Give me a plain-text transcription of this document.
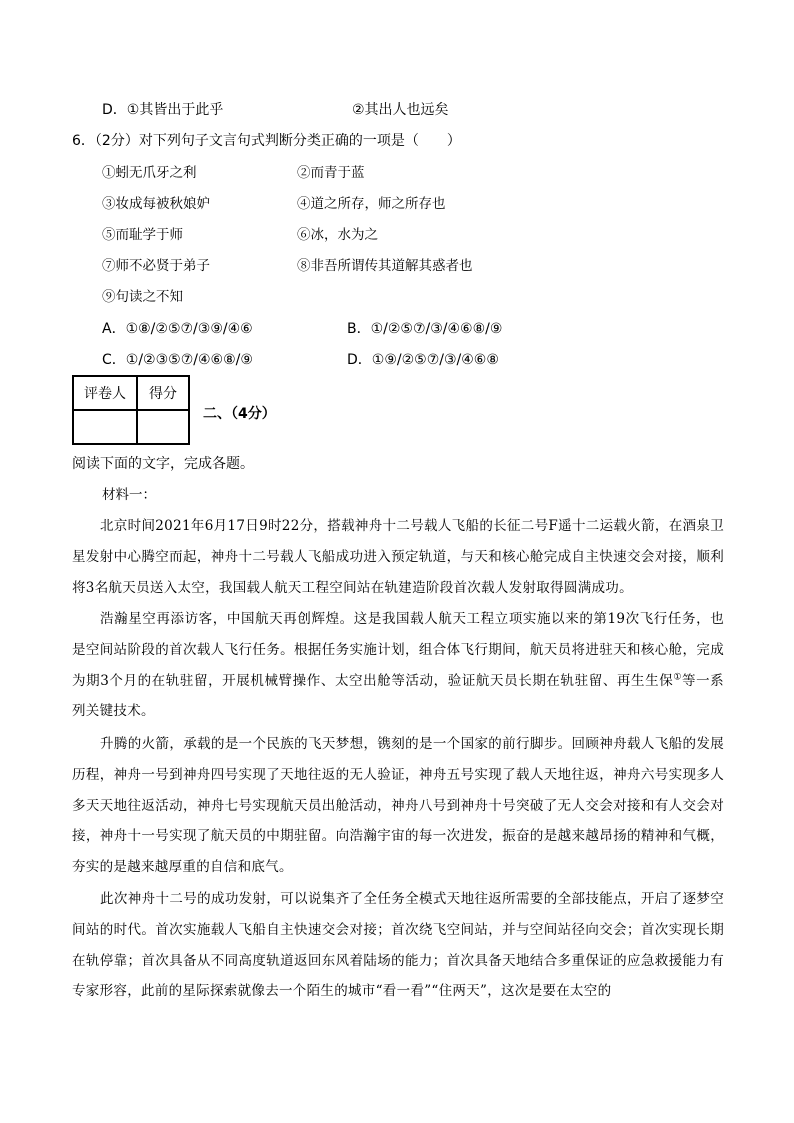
D．①其皆出于此乎	②其出人也远矣
6．（2分）对下列句子文言句式判断分类正确的一项是（　　）
①蚓无爪牙之利	②而青于蓝
③妆成每被秋娘妒	④道之所存，师之所存也
⑤而耻学于师	⑥冰，水为之
⑦师不必贤于弟子	⑧非吾所谓传其道解其惑者也
⑨句读之不知
A．①⑧/②⑤⑦/③⑨/④⑥	B．①/②⑤⑦/③/④⑥⑧/⑨
C．①/②③⑤⑦/④⑥⑧/⑨	D．①⑨/②⑤⑦/③/④⑥⑧
评卷人	得分

二、（4分）
阅读下面的文字，完成各题。
材料一：
北京时间2021年6月17日9时22分，搭载神舟十二号载人飞船的长征二号F遥十二运载火箭，在酒泉卫星发射中心腾空而起，神舟十二号载人飞船成功进入预定轨道，与天和核心舱完成自主快速交会对接，顺利将3名航天员送入太空，我国载人航天工程空间站在轨建造阶段首次载人发射取得圆满成功。
浩瀚星空再添访客，中国航天再创辉煌。这是我国载人航天工程立项实施以来的第19次飞行任务，也是空间站阶段的首次载人飞行任务。根据任务实施计划，组合体飞行期间，航天员将进驻天和核心舱，完成为期3个月的在轨驻留，开展机械臂操作、太空出舱等活动，验证航天员长期在轨驻留、再生生保①等一系列关键技术。
升腾的火箭，承载的是一个民族的飞天梦想，镌刻的是一个国家的前行脚步。回顾神舟载人飞船的发展历程，神舟一号到神舟四号实现了天地往返的无人验证，神舟五号实现了载人天地往返，神舟六号实现多人多天天地往返活动，神舟七号实现航天员出舱活动，神舟八号到神舟十号突破了无人交会对接和有人交会对接，神舟十一号实现了航天员的中期驻留。向浩瀚宇宙的每一次进发，振奋的是越来越昂扬的精神和气概，夯实的是越来越厚重的自信和底气。
此次神舟十二号的成功发射，可以说集齐了全任务全模式天地往返所需要的全部技能点，开启了逐梦空间站的时代。首次实施载人飞船自主快速交会对接；首次绕飞空间站，并与空间站径向交会；首次实现长期在轨停靠；首次具备从不同高度轨道返回东风着陆场的能力；首次具备天地结合多重保证的应急救援能力有专家形容，此前的星际探索就像去一个陌生的城市“看一看”“住两天”，这次是要在太空的
